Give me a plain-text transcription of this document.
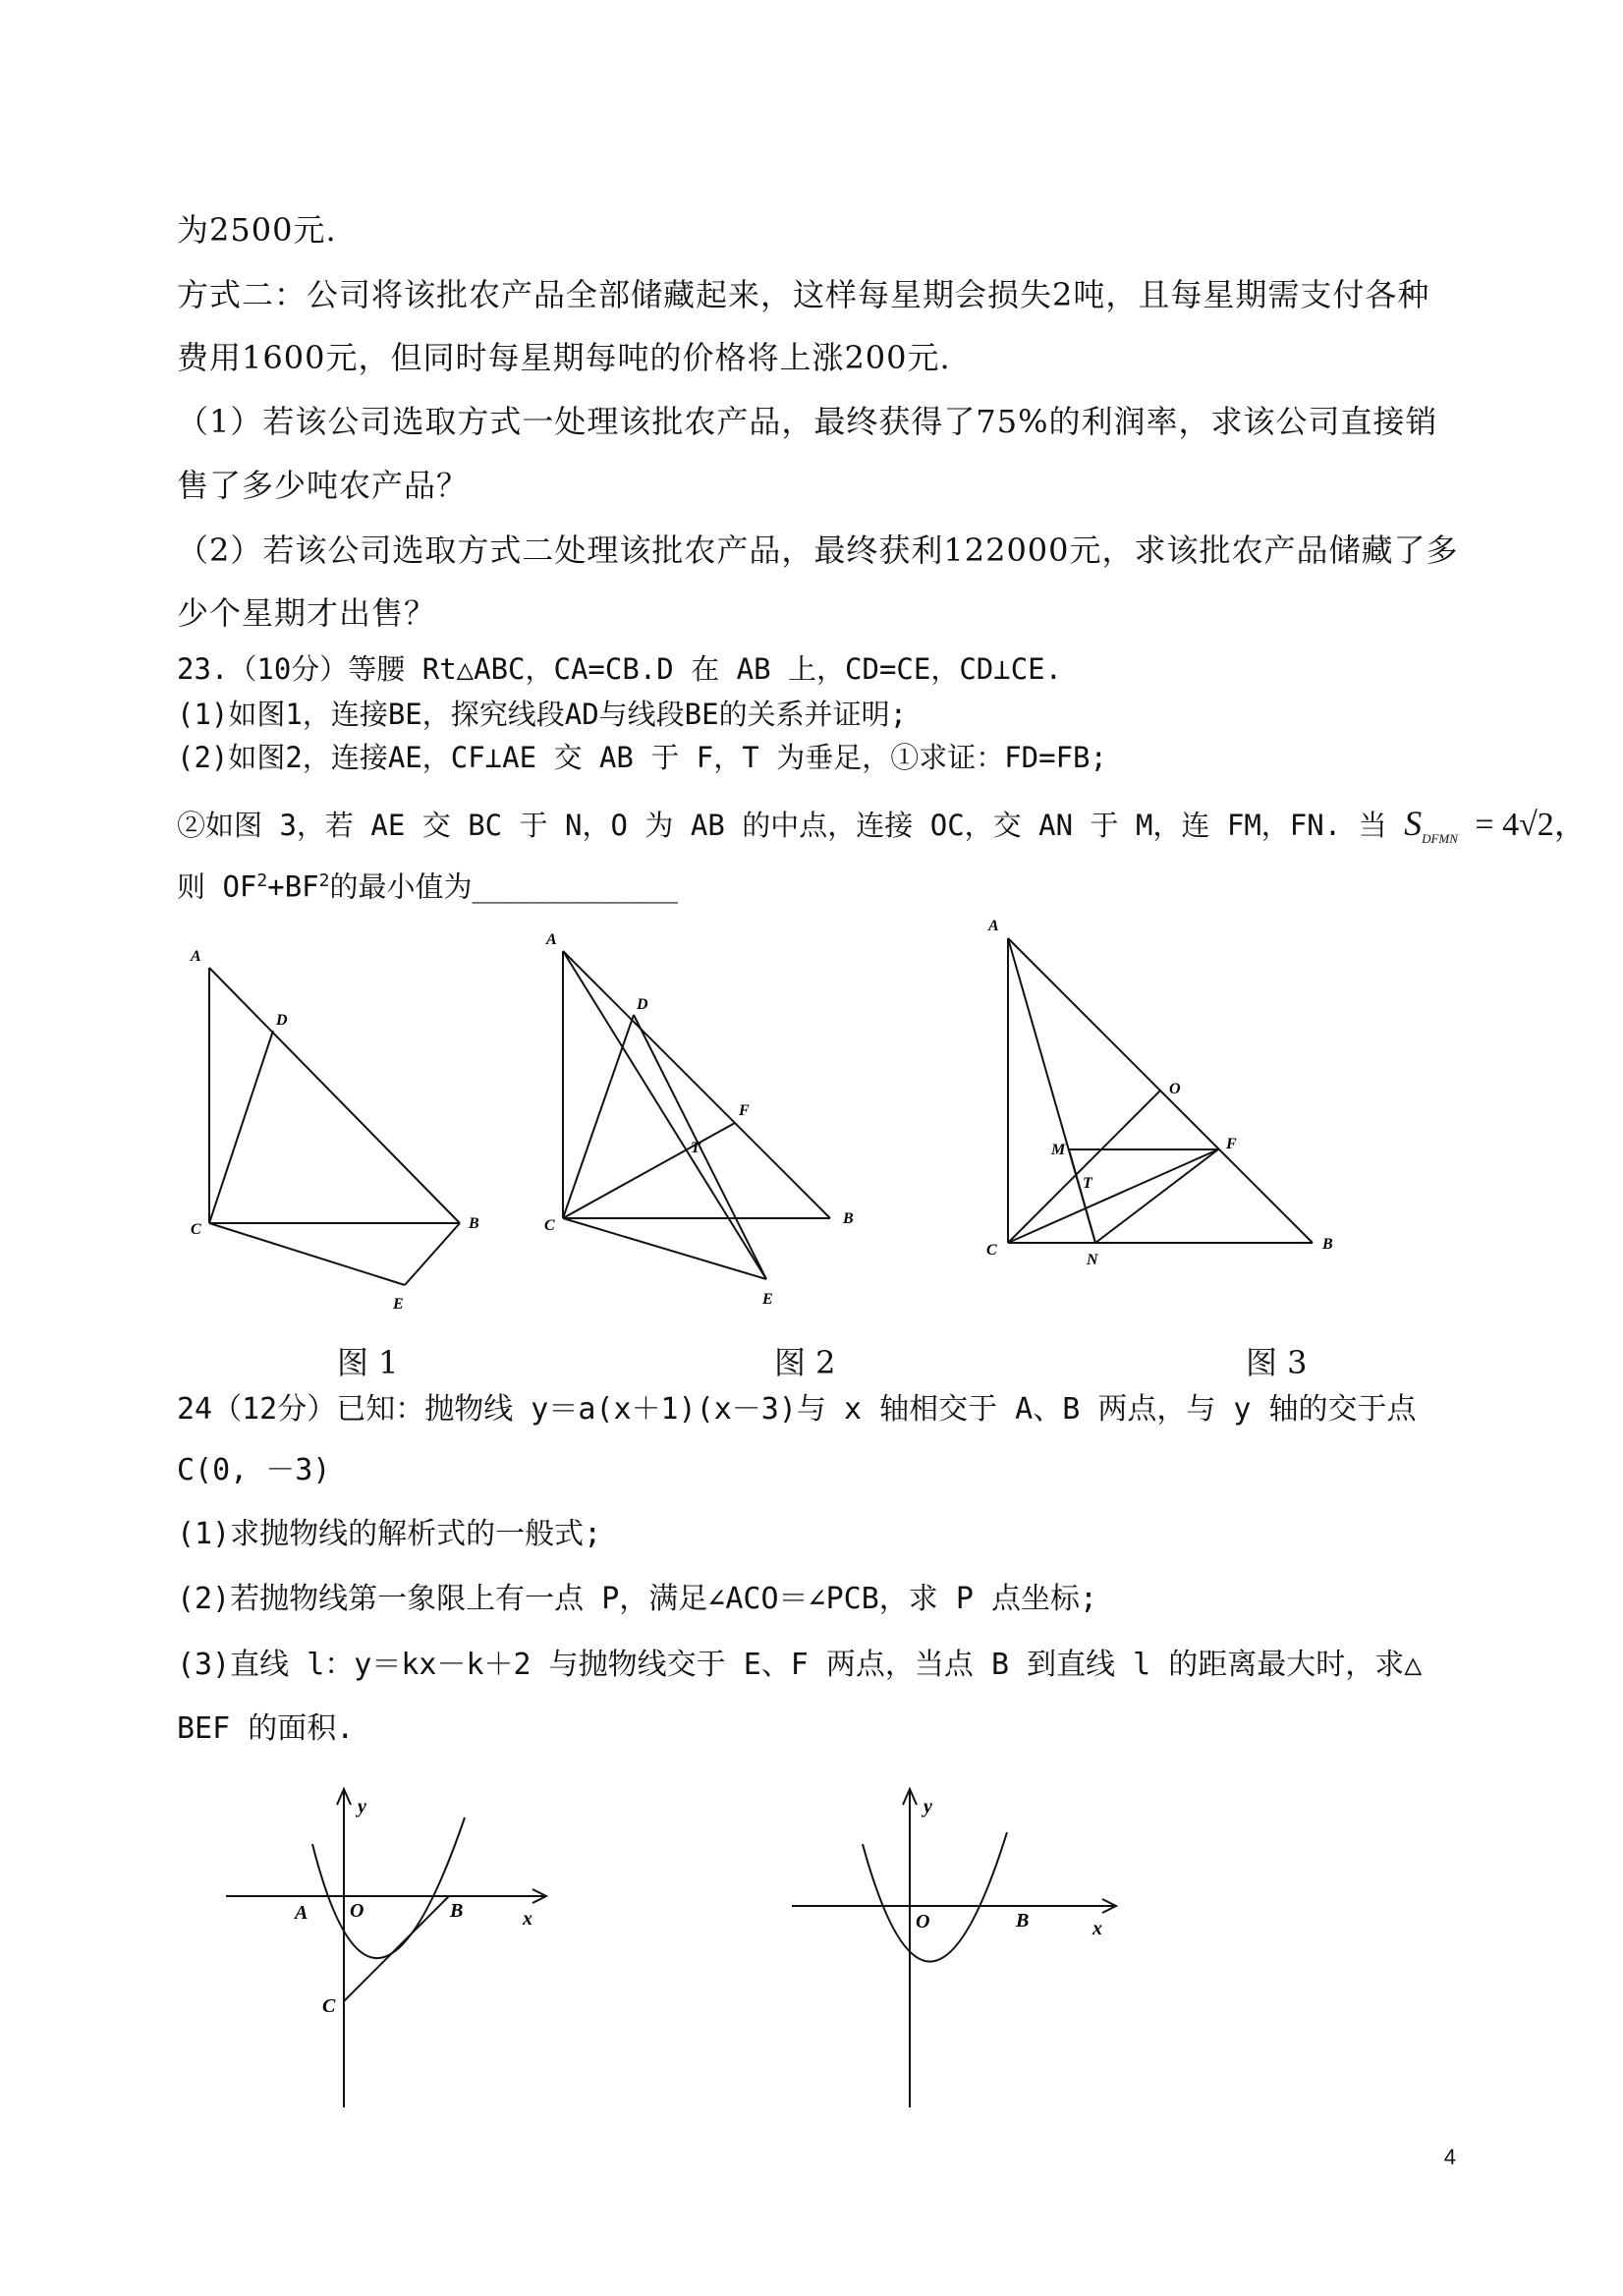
为2500元.
方式二：公司将该批农产品全部储藏起来，这样每星期会损失2吨，且每星期需支付各种
费用1600元，但同时每星期每吨的价格将上涨200元.
（1）若该公司选取方式一处理该批农产品，最终获得了75%的利润率，求该公司直接销
售了多少吨农产品？
（2）若该公司选取方式二处理该批农产品，最终获利122000元，求该批农产品储藏了多
少个星期才出售？
23.（10分）等腰 Rt△ABC，CA=CB.D 在 AB 上，CD=CE，CD⊥CE.
(1)如图1，连接BE，探究线段AD与线段BE的关系并证明;
(2)如图2，连接AE，CF⊥AE 交 AB 于 F，T 为垂足，①求证：FD=FB;
②如图 3，若 AE 交 BC 于 N，O 为 AB 的中点，连接 OC，交 AN 于 M，连 FM，FN. 当 $S_{DFMN} = 4√2$，
则 $OF^2+BF^2$的最小值为____________
A
D
C	B
E
A
D
F
T
C	B
E
A
O
M	F
T
C
N
B
图 1	图 2	图 3
24（12分）已知：抛物线 y＝a(x＋1)(x－3)与 x 轴相交于 A、B 两点，与 y 轴的交于点
C(0, －3)
(1)求抛物线的解析式的一般式;
(2)若抛物线第一象限上有一点 P，满足∠ACO＝∠PCB，求 P 点坐标;
(3)直线 l：y＝kx－k＋2 与抛物线交于 E、F 两点，当点 B 到直线 l 的距离最大时，求△
BEF 的面积.
y
A O	B	x
C
y
O	B	x
4
